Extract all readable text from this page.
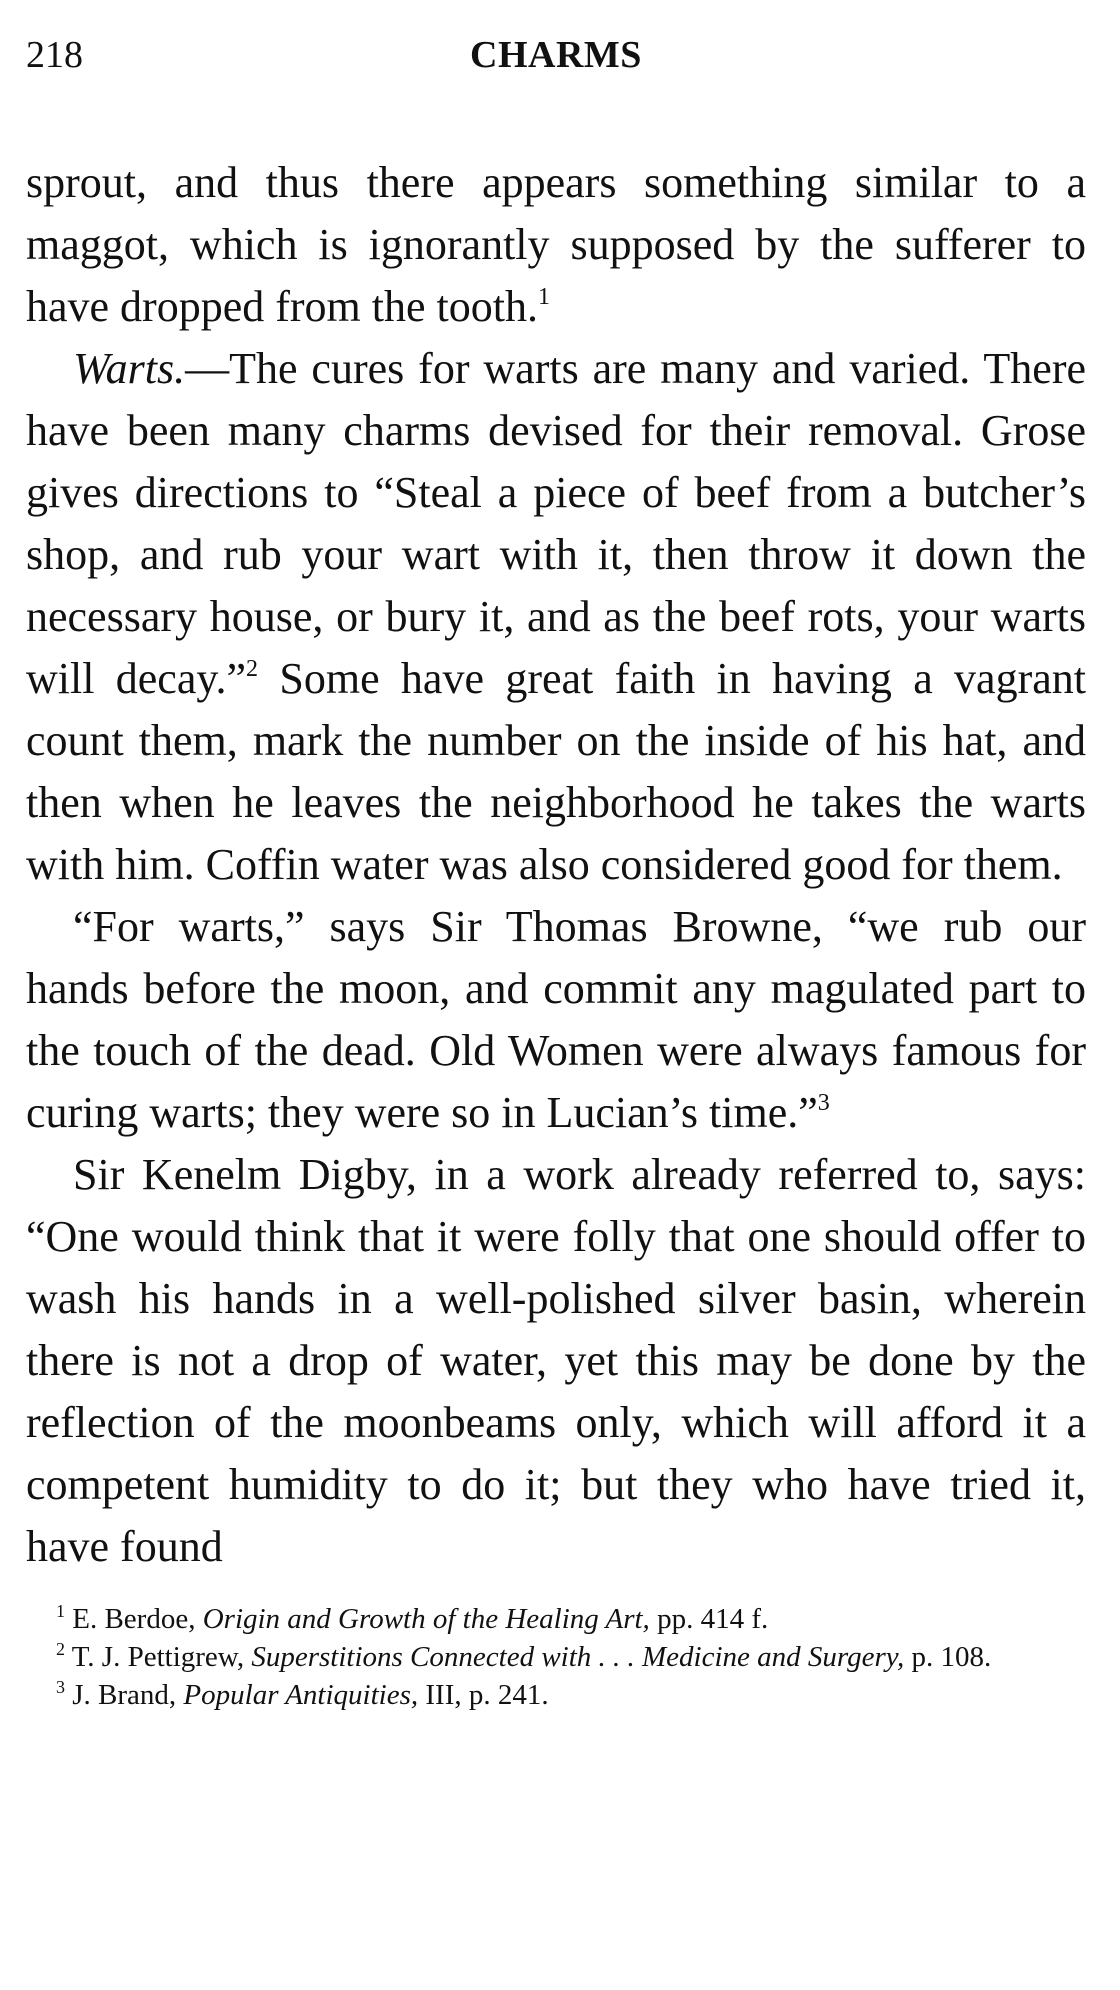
218	CHARMS

sprout, and thus there appears something similar to a maggot, which is ignorantly supposed by the sufferer to have dropped from the tooth.$^1$

Warts.—The cures for warts are many and varied. There have been many charms devised for their removal. Grose gives directions to “Steal a piece of beef from a butcher’s shop, and rub your wart with it, then throw it down the necessary house, or bury it, and as the beef rots, your warts will decay.”$^2$ Some have great faith in having a vagrant count them, mark the number on the inside of his hat, and then when he leaves the neighborhood he takes the warts with him. Coffin water was also considered good for them.

“For warts,” says Sir Thomas Browne, “we rub our hands before the moon, and commit any magulated part to the touch of the dead. Old Women were always famous for curing warts; they were so in Lucian’s time.”$^3$

Sir Kenelm Digby, in a work already referred to, says: “One would think that it were folly that one should offer to wash his hands in a well-polished silver basin, wherein there is not a drop of water, yet this may be done by the reflection of the moonbeams only, which will afford it a competent humidity to do it; but they who have tried it, have found

$^1$ E. Berdoe, Origin and Growth of the Healing Art, pp. 414 f.

$^2$ T. J. Pettigrew, Superstitions Connected with . . . Medicine and Surgery, p. 108.

$^3$ J. Brand, Popular Antiquities, III, p. 241.
